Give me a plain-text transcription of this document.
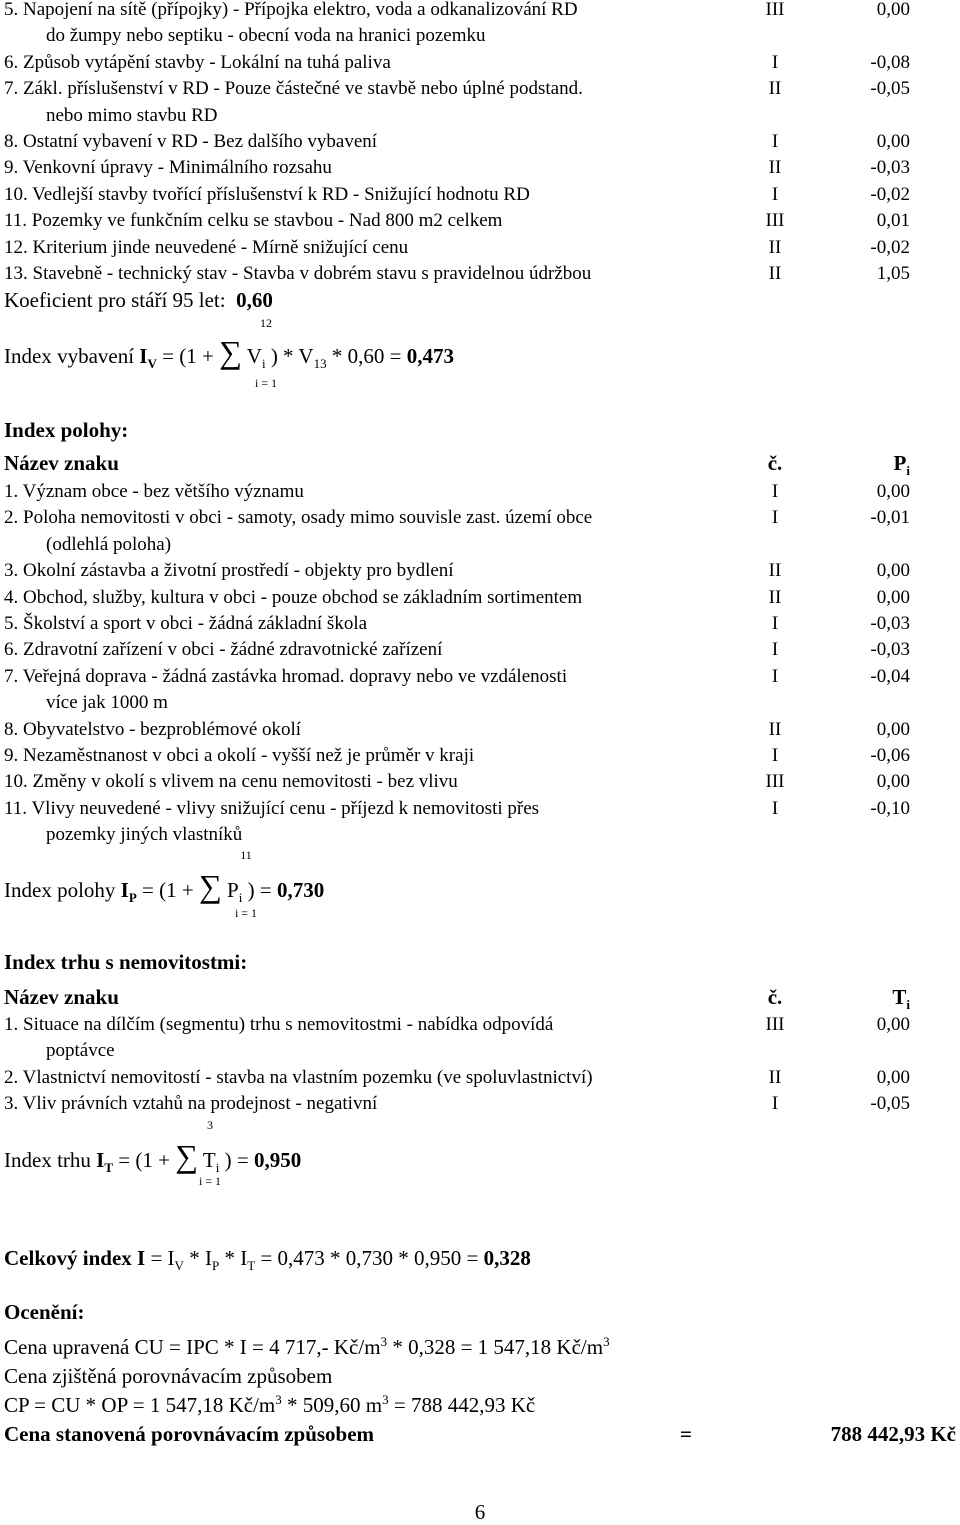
5. Napojení na sítě (přípojky) - Přípojka elektro, voda a odkanalizování RD	III	0,00
do žumpy nebo septiku - obecní voda na hranici pozemku
6. Způsob vytápění stavby - Lokální na tuhá paliva	I	-0,08
7. Zákl. příslušenství v RD - Pouze částečné ve stavbě nebo úplné podstand.	II	-0,05
nebo mimo stavbu RD
8. Ostatní vybavení v RD - Bez dalšího vybavení	I	0,00
9. Venkovní úpravy - Minimálního rozsahu	II	-0,03
10. Vedlejší stavby tvořící příslušenství k RD - Snižující hodnotu RD	I	-0,02
11. Pozemky ve funkčním celku se stavbou - Nad 800 m2 celkem	III	0,01
12. Kriterium jinde neuvedené - Mírně snižující cenu	II	-0,02
13. Stavebně - technický stav - Stavba v dobrém stavu s pravidelnou údržbou	II	1,05
Koeficient pro stáří 95 let: 0,60
12
i = 1
Index vybavení $I_V = (1$ + ∑ $V_i$ ) * $V_{13} * 0,60 = 0,473$
Index polohy:
Název znaku	č.	$P_i$
1. Význam obce - bez většího významu	I	0,00
2. Poloha nemovitosti v obci - samoty, osady mimo souvisle zast. území obce	I	-0,01
(odlehlá poloha)
3. Okolní zástavba a životní prostředí - objekty pro bydlení	II	0,00
4. Obchod, služby, kultura v obci - pouze obchod se základním sortimentem	II	0,00
5. Školství a sport v obci - žádná základní škola	I	-0,03
6. Zdravotní zařízení v obci - žádné zdravotnické zařízení	I	-0,03
7. Veřejná doprava - žádná zastávka hromad. dopravy nebo ve vzdálenosti	I	-0,04
více jak 1000 m
8. Obyvatelstvo - bezproblémové okolí	II	0,00
9. Nezaměstnanost v obci a okolí - vyšší než je průměr v kraji	I	-0,06
10. Změny v okolí s vlivem na cenu nemovitosti - bez vlivu	III	0,00
11. Vlivy neuvedené - vlivy snižující cenu - příjezd k nemovitosti přes	I	-0,10
pozemky jiných vlastníků
11
i = 1
Index polohy $I_P = (1$ + ∑ $P_i$ ) = 0,730
Index trhu s nemovitostmi:
Název znaku	č.	$T_i$
1. Situace na dílčím (segmentu) trhu s nemovitostmi - nabídka odpovídá	III	0,00
poptávce
2. Vlastnictví nemovitostí - stavba na vlastním pozemku (ve spoluvlastnictví)	II	0,00
3. Vliv právních vztahů na prodejnost - negativní	I	-0,05
3
i = 1
Index trhu $I_T = (1$ + ∑ $T_i$ ) = 0,950
Celkový index $I = I_V * I_P * I_T = 0,473 * 0,730 * 0,950 = 0,328$
Ocenění:
Cena upravená CU = IPC * I = 4 717,- $Kč/m^3 * 0,328 = 1$ 547,18 $Kč/m^3$
Cena zjištěná porovnávacím způsobem
CP = CU * OP = 1 547,18 $Kč/m^3 * 509,60$ $m^3 = 788$ 442,93 Kč
Cena stanovená porovnávacím způsobem	=	788 442,93 Kč
6
